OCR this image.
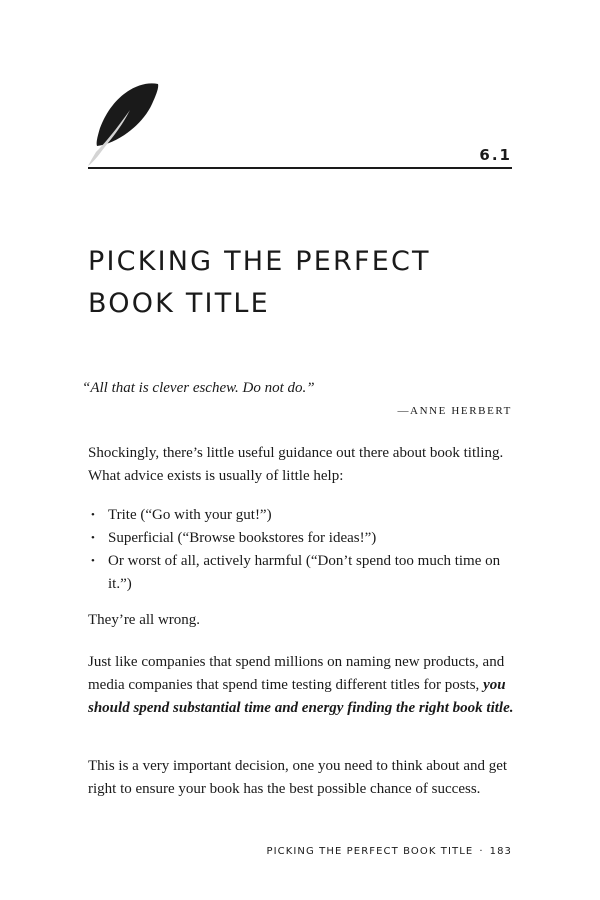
6.1
PICKING THE PERFECT
BOOK TITLE

“All that is clever eschew. Do not do.”

—ANNE HERBERT

Shockingly, there’s little useful guidance out there about book titling. What advice exists is usually of little help:

• Trite (“Go with your gut!”)
• Superficial (“Browse bookstores for ideas!”)
• Or worst of all, actively harmful (“Don’t spend too much time on it.”)

They’re all wrong.

Just like companies that spend millions on naming new products, and media companies that spend time testing different titles for posts, you should spend substantial time and energy finding the right book title.

This is a very important decision, one you need to think about and get right to ensure your book has the best possible chance of success.

PICKING THE PERFECT BOOK TITLE · 183
